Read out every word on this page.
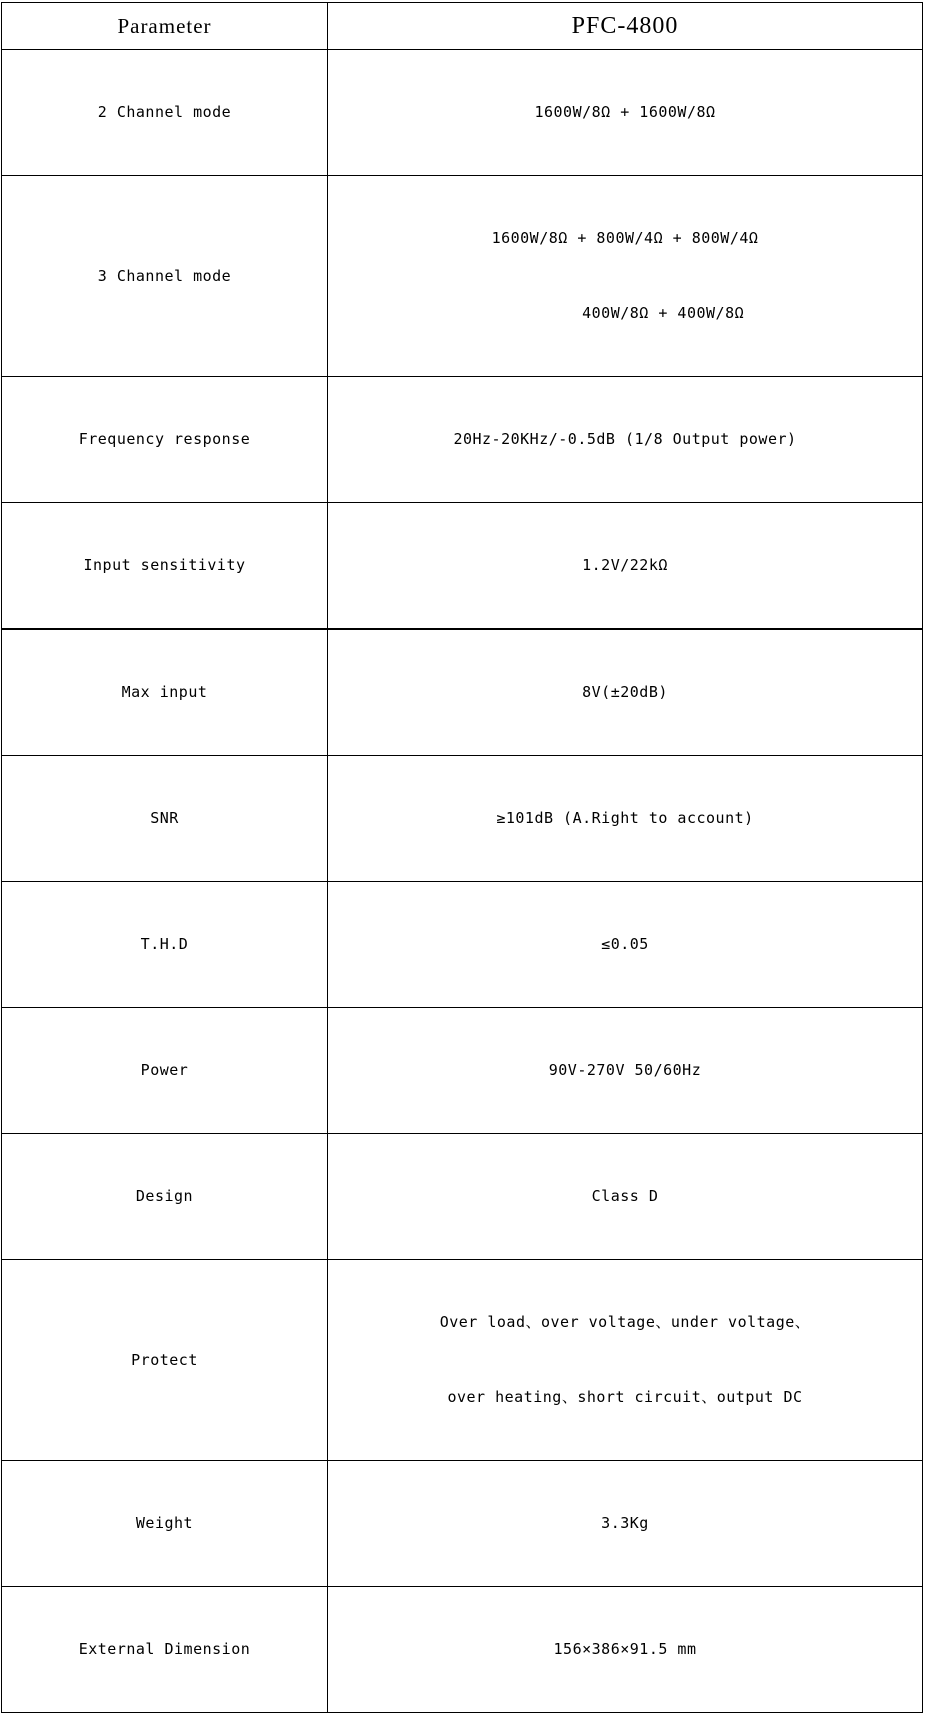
Parameter	PFC-4800
2 Channel mode	1600W/8Ω + 1600W/8Ω

3 Channel mode	1600W/8Ω + 800W/4Ω + 800W/4Ω

400W/8Ω + 400W/8Ω

Frequency response	20Hz-20KHz/-0.5dB (1/8 Output power)

Input sensitivity	1.2V/22kΩ

Max input	8V(±20dB)

SNR	≥101dB (A.Right to account)

T.H.D	≤0.05

Power	90V-270V 50/60Hz

Design	Class D

Protect	Over load、over voltage、under voltage、

over heating、short circuit、output DC

Weight	3.3Kg

External Dimension	156×386×91.5 mm
